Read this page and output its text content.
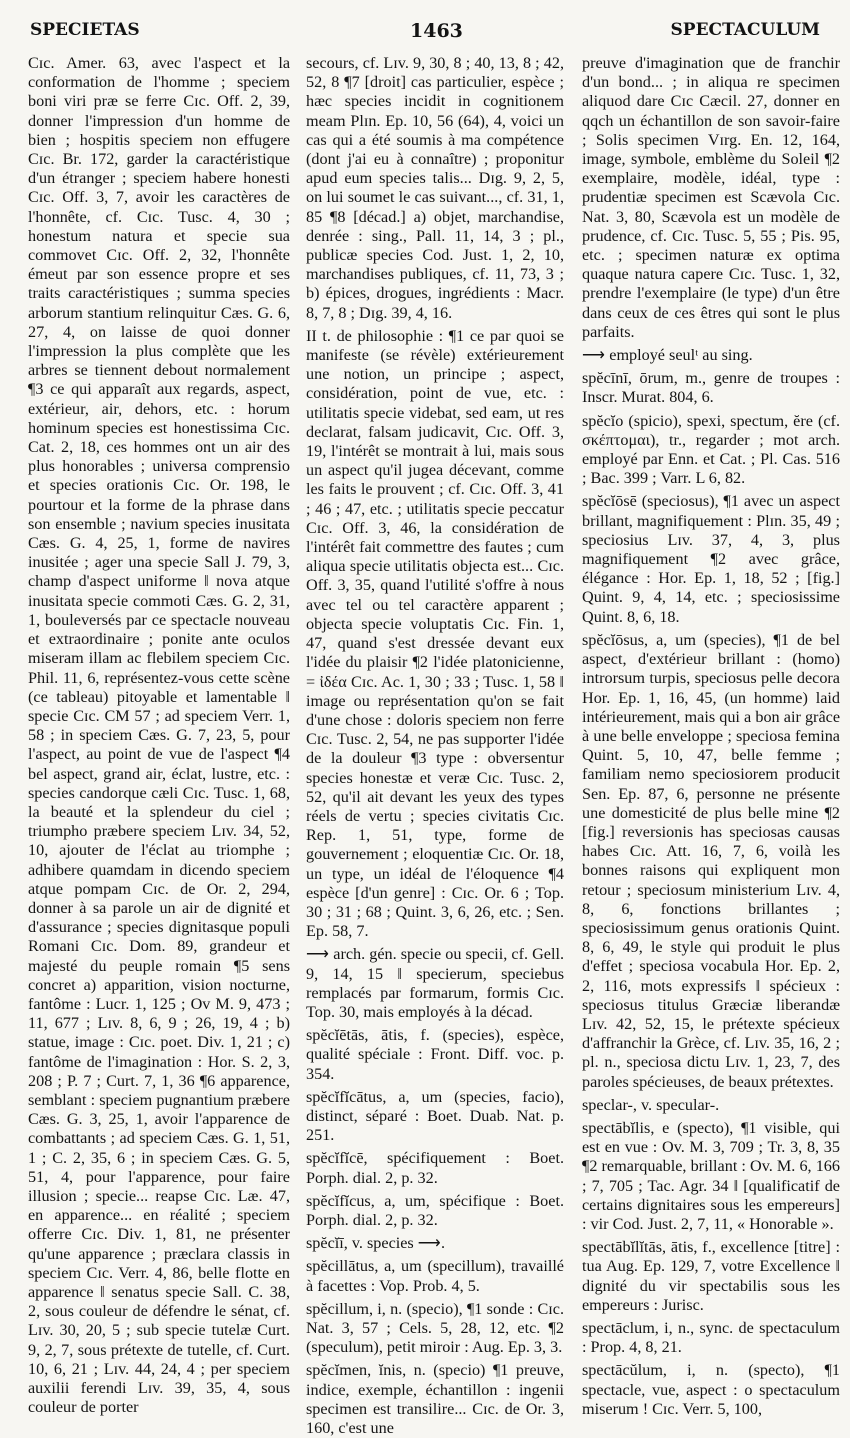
SPECIETAS	1463	SPECTACULUM

Cɪc. Amer. 63, avec l'aspect et la conformation de l'homme ; speciem boni viri præ se ferre Cɪc. Off. 2, 39, donner l'impression d'un homme de bien ; hospitis speciem non effugere Cɪc. Br. 172, garder la caractéristique d'un étranger ; speciem habere honesti Cɪc. Off. 3, 7, avoir les caractères de l'honnête, cf. Cɪc. Tusc. 4, 30 ; honestum natura et specie sua commovet Cɪc. Off. 2, 32, l'honnête émeut par son essence propre et ses traits caractéristiques ; summa species arborum stantium relinquitur Cæs. G. 6, 27, 4, on laisse de quoi donner l'impression la plus complète que les arbres se tiennent debout normalement ¶3 ce qui apparaît aux regards, aspect, extérieur, air, dehors, etc. : horum hominum species est honestissima Cɪc. Cat. 2, 18, ces hommes ont un air des plus honorables ; universa comprensio et species orationis Cɪc. Or. 198, le pourtour et la forme de la phrase dans son ensemble ; navium species inusitata Cæs. G. 4, 25, 1, forme de navires inusitée ; ager una specie Sall J. 79, 3, champ d'aspect uniforme ‖ nova atque inusitata specie commoti Cæs. G. 2, 31, 1, bouleversés par ce spectacle nouveau et extraordinaire ; ponite ante oculos miseram illam ac flebilem speciem Cɪc. Phil. 11, 6, représentez-vous cette scène (ce tableau) pitoyable et lamentable ‖ specie Cɪc. CM 57 ; ad speciem Verr. 1, 58 ; in speciem Cæs. G. 7, 23, 5, pour l'aspect, au point de vue de l'aspect ¶4 bel aspect, grand air, éclat, lustre, etc. : species candorque cæli Cɪc. Tusc. 1, 68, la beauté et la splendeur du ciel ; triumpho præbere speciem Lɪv. 34, 52, 10, ajouter de l'éclat au triomphe ; adhibere quamdam in dicendo speciem atque pompam Cɪc. de Or. 2, 294, donner à sa parole un air de dignité et d'assurance ; species dignitasque populi Romani Cɪc. Dom. 89, grandeur et majesté du peuple romain ¶5 sens concret a) apparition, vision nocturne, fantôme : Lucr. 1, 125 ; Ov M. 9, 473 ; 11, 677 ; Lɪv. 8, 6, 9 ; 26, 19, 4 ; b) statue, image : Cɪc. poet. Div. 1, 21 ; c) fantôme de l'imagination : Hor. S. 2, 3, 208 ; P. 7 ; Curt. 7, 1, 36 ¶6 apparence, semblant : speciem pugnantium præbere Cæs. G. 3, 25, 1, avoir l'apparence de combattants ; ad speciem Cæs. G. 1, 51, 1 ; C. 2, 35, 6 ; in speciem Cæs. G. 5, 51, 4, pour l'apparence, pour faire illusion ; specie... reapse Cɪc. Læ. 47, en apparence... en réalité ; speciem offerre Cɪc. Div. 1, 81, ne présenter qu'une apparence ; præclara classis in speciem Cɪc. Verr. 4, 86, belle flotte en apparence ‖ senatus specie Sall. C. 38, 2, sous couleur de défendre le sénat, cf. Lɪv. 30, 20, 5 ; sub specie tutelæ Curt. 9, 2, 7, sous prétexte de tutelle, cf. Curt. 10, 6, 21 ; Lɪv. 44, 24, 4 ; per speciem auxilii ferendi Lɪv. 39, 35, 4, sous couleur de porter

secours, cf. Lɪv. 9, 30, 8 ; 40, 13, 8 ; 42, 52, 8 ¶7 [droit] cas particulier, espèce ; hæc species incidit in cognitionem meam Plɪn. Ep. 10, 56 (64), 4, voici un cas qui a été soumis à ma compétence (dont j'ai eu à connaître) ; proponitur apud eum species talis... Dɪg. 9, 2, 5, on lui soumet le cas suivant..., cf. 31, 1, 85 ¶8 [décad.] a) objet, marchandise, denrée : sing., Pall. 11, 14, 3 ; pl., publicæ species Cod. Just. 1, 2, 10, marchandises publiques, cf. 11, 73, 3 ; b) épices, drogues, ingrédients : Macr. 8, 7, 8 ; Dɪg. 39, 4, 16.

II t. de philosophie : ¶1 ce par quoi se manifeste (se révèle) extérieurement une notion, un principe ; aspect, considération, point de vue, etc. : utilitatis specie videbat, sed eam, ut res declarat, falsam judicavit, Cɪc. Off. 3, 19, l'intérêt se montrait à lui, mais sous un aspect qu'il jugea décevant, comme les faits le prouvent ; cf. Cɪc. Off. 3, 41 ; 46 ; 47, etc. ; utilitatis specie peccatur Cɪc. Off. 3, 46, la considération de l'intérêt fait commettre des fautes ; cum aliqua specie utilitatis objecta est... Cɪc. Off. 3, 35, quand l'utilité s'offre à nous avec tel ou tel caractère apparent ; objecta specie voluptatis Cɪc. Fin. 1, 47, quand s'est dressée devant eux l'idée du plaisir ¶2 l'idée platonicienne, = ἰδέα Cɪc. Ac. 1, 30 ; 33 ; Tusc. 1, 58 ‖ image ou représentation qu'on se fait d'une chose : doloris speciem non ferre Cɪc. Tusc. 2, 54, ne pas supporter l'idée de la douleur ¶3 type : obversentur species honestæ et veræ Cɪc. Tusc. 2, 52, qu'il ait devant les yeux des types réels de vertu ; species civitatis Cɪc. Rep. 1, 51, type, forme de gouvernement ; eloquentiæ Cɪc. Or. 18, un type, un idéal de l'éloquence ¶4 espèce [d'un genre] : Cɪc. Or. 6 ; Top. 30 ; 31 ; 68 ; Quint. 3, 6, 26, etc. ; Sen. Ep. 58, 7.

⟶ arch. gén. specie ou specii, cf. Gell. 9, 14, 15 ‖ specierum, speciebus remplacés par formarum, formis Cɪc. Top. 30, mais employés à la décad.

spĕcĭētās, ātis, f. (species), espèce, qualité spéciale : Front. Diff. voc. p. 354.

spĕcĭfĭcātus, a, um (species, facio), distinct, séparé : Boet. Duab. Nat. p. 251.

spĕcĭfĭcē, spécifiquement : Boet. Porph. dial. 2, p. 32.

spĕcĭfĭcus, a, um, spécifique : Boet. Porph. dial. 2, p. 32.

spĕcĭī, v. species ⟶.

spĕcillātus, a, um (specillum), travaillé à facettes : Vop. Prob. 4, 5.

spĕcillum, i, n. (specio), ¶1 sonde : Cɪc. Nat. 3, 57 ; Cels. 5, 28, 12, etc. ¶2 (speculum), petit miroir : Aug. Ep. 3, 3.

spĕcĭmen, ĭnis, n. (specio) ¶1 preuve, indice, exemple, échantillon : ingenii specimen est transilire... Cɪc. de Or. 3, 160, c'est une

preuve d'imagination que de franchir d'un bond... ; in aliqua re specimen aliquod dare Cɪc Cæcil. 27, donner en qqch un échantillon de son savoir-faire ; Solis specimen Vɪrg. En. 12, 164, image, symbole, emblème du Soleil ¶2 exemplaire, modèle, idéal, type : prudentiæ specimen est Scævola Cɪc. Nat. 3, 80, Scævola est un modèle de prudence, cf. Cɪc. Tusc. 5, 55 ; Pis. 95, etc. ; specimen naturæ ex optima quaque natura capere Cɪc. Tusc. 1, 32, prendre l'exemplaire (le type) d'un être dans ceux de ces êtres qui sont le plus parfaits.

⟶ employé seulᵗ au sing.

spĕcīnī, ōrum, m., genre de troupes : Inscr. Murat. 804, 6.

spĕcĭo (spicio), spexi, spectum, ĕre (cf. σκέπτομαι), tr., regarder ; mot arch. employé par Enn. et Cat. ; Pl. Cas. 516 ; Bac. 399 ; Varr. L 6, 82.

spĕcĭōsē (speciosus), ¶1 avec un aspect brillant, magnifiquement : Plɪn. 35, 49 ; speciosius Lɪv. 37, 4, 3, plus magnifiquement ¶2 avec grâce, élégance : Hor. Ep. 1, 18, 52 ; [fig.] Quint. 9, 4, 14, etc. ; speciosissime Quint. 8, 6, 18.

spĕcĭōsus, a, um (species), ¶1 de bel aspect, d'extérieur brillant : (homo) introrsum turpis, speciosus pelle decora Hor. Ep. 1, 16, 45, (un homme) laid intérieurement, mais qui a bon air grâce à une belle enveloppe ; speciosa femina Quint. 5, 10, 47, belle femme ; familiam nemo speciosiorem producit Sen. Ep. 87, 6, personne ne présente une domesticité de plus belle mine ¶2 [fig.] reversionis has speciosas causas habes Cɪc. Att. 16, 7, 6, voilà les bonnes raisons qui expliquent mon retour ; speciosum ministerium Lɪv. 4, 8, 6, fonctions brillantes ; speciosissimum genus orationis Quint. 8, 6, 49, le style qui produit le plus d'effet ; speciosa vocabula Hor. Ep. 2, 2, 116, mots expressifs ‖ spécieux : speciosus titulus Græciæ liberandæ Lɪv. 42, 52, 15, le prétexte spécieux d'affranchir la Grèce, cf. Lɪv. 35, 16, 2 ; pl. n., speciosa dictu Lɪv. 1, 23, 7, des paroles spécieuses, de beaux prétextes.

speclar-, v. specular-.

spectābĭlis, e (specto), ¶1 visible, qui est en vue : Ov. M. 3, 709 ; Tr. 3, 8, 35 ¶2 remarquable, brillant : Ov. M. 6, 166 ; 7, 705 ; Tac. Agr. 34 ‖ [qualificatif de certains dignitaires sous les empereurs] : vir Cod. Just. 2, 7, 11, « Honorable ».

spectābĭlĭtās, ātis, f., excellence [titre] : tua Aug. Ep. 129, 7, votre Excellence ‖ dignité du vir spectabilis sous les empereurs : Jurisc.

spectāclum, i, n., sync. de spectaculum : Prop. 4, 8, 21.

spectācŭlum, i, n. (specto), ¶1 spectacle, vue, aspect : o spectaculum miserum ! Cɪc. Verr. 5, 100,
